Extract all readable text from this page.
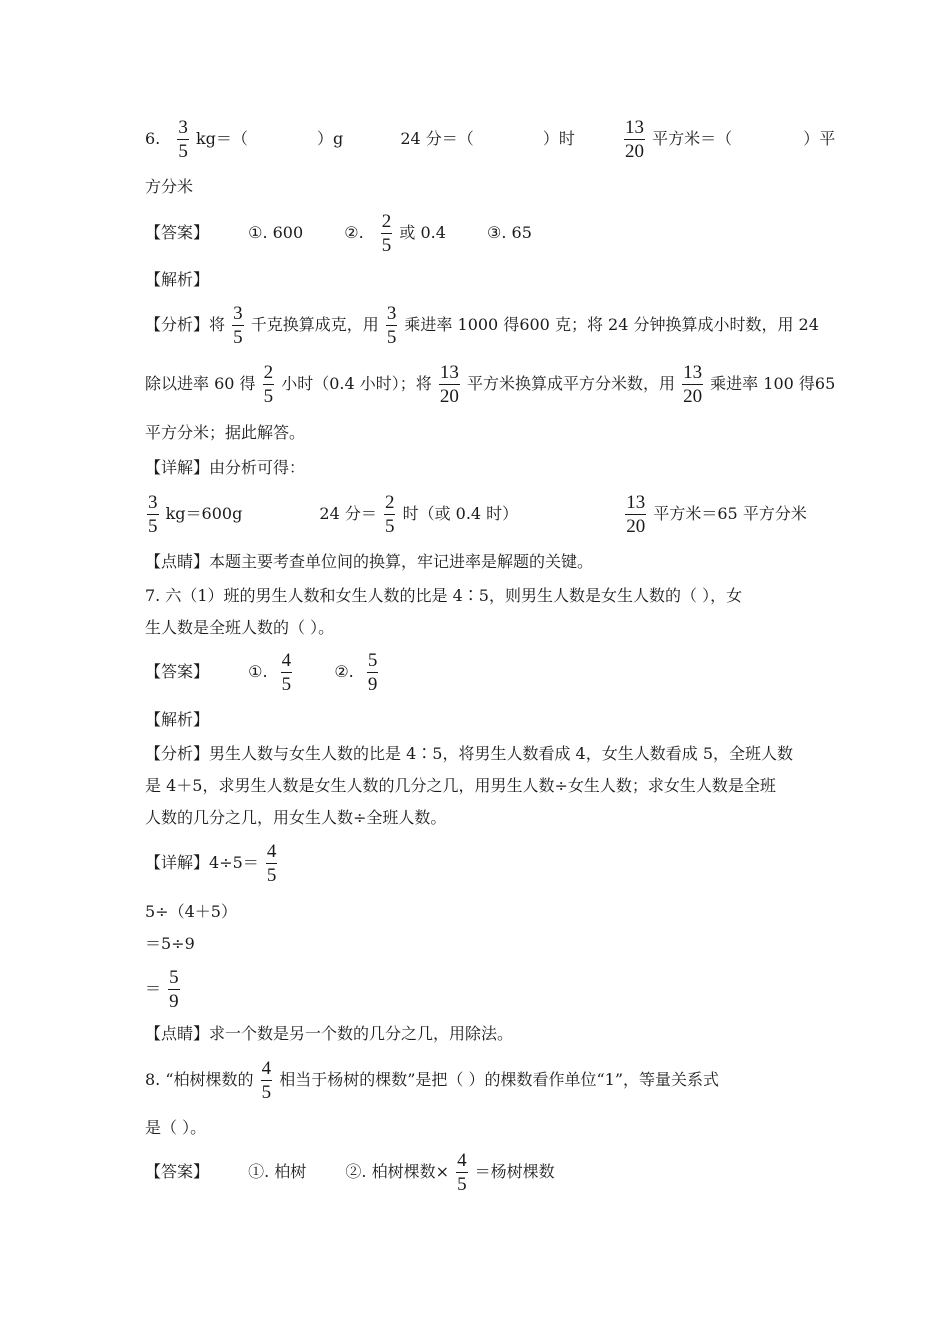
6. $\frac{3}{5} kg=$（	）g	24 分＝（	）时	$\frac{13}{20}$ 平方米＝（	）平
方分米
【答案】 ①. 600	②. $\frac{2}{5}$ 或 0.4	③. 65
【解析】
【分析】将 $\frac{3}{5}$ 千克换算成克，用 $\frac{3}{5}$ 乘进率 1000 得600 克；将 24 分钟换算成小时数，用 24
除以进率 60 得 $\frac{2}{5}$ 小时（0.4 小时）；将 $\frac{13}{20}$ 平方米换算成平方分米数，用 $\frac{13}{20}$ 乘进率 100 得65
平方分米；据此解答。
【详解】由分析可得：
$\frac{3}{5} kg=600g$	24 分＝ $\frac{2}{5}$ 时（或 0.4 时）	$\frac{13}{20}$ 平方米＝65 平方分米
【点睛】本题主要考查单位间的换算，牢记进率是解题的关键。
7. 六（1）班的男生人数和女生人数的比是 4∶5，则男生人数是女生人数的（ ），女
生人数是全班人数的（ ）。
【答案】 ①. $\frac{4}{5}$	②. $\frac{5}{9}$
【解析】
【分析】男生人数与女生人数的比是 4∶5，将男生人数看成 4，女生人数看成 5，全班人数
是 4＋5，求男生人数是女生人数的几分之几，用男生人数÷女生人数；求女生人数是全班
人数的几分之几，用女生人数÷全班人数。
【详解】$4\div 5= \frac{4}{5}$
5÷（4＋5）
＝5÷9
＝ $\frac{5}{9}$
【点睛】求一个数是另一个数的几分之几，用除法。
8. “柏树棵数的 $\frac{4}{5}$ 相当于杨树的棵数”是把（ ）的棵数看作单位“1”，等量关系式
是（ ）。
【答案】 ①. 柏树 ②. 柏树棵数× $\frac{4}{5}$ ＝杨树棵数
